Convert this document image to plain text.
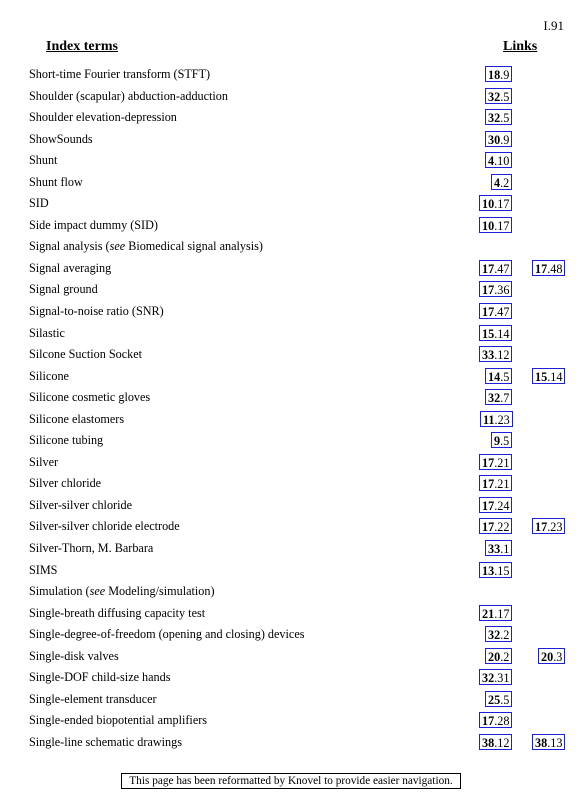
I.91
Index terms	Links
Short-time Fourier transform (STFT)	18.9
Shoulder (scapular) abduction-adduction	32.5
Shoulder elevation-depression	32.5
ShowSounds	30.9
Shunt	4.10
Shunt flow	4.2
SID	10.17
Side impact dummy (SID)	10.17
Signal analysis (see Biomedical signal analysis)
Signal averaging	17.47 17.48
Signal ground	17.36
Signal-to-noise ratio (SNR)	17.47
Silastic	15.14
Silcone Suction Socket	33.12
Silicone	14.5 15.14
Silicone cosmetic gloves	32.7
Silicone elastomers	11.23
Silicone tubing	9.5
Silver	17.21
Silver chloride	17.21
Silver-silver chloride	17.24
Silver-silver chloride electrode	17.22 17.23
Silver-Thorn, M. Barbara	33.1
SIMS	13.15
Simulation (see Modeling/simulation)
Single-breath diffusing capacity test	21.17
Single-degree-of-freedom (opening and closing) devices	32.2
Single-disk valves	20.2	20.3
Single-DOF child-size hands	32.31
Single-element transducer	25.5
Single-ended biopotential amplifiers	17.28
Single-line schematic drawings	38.12 38.13
This page has been reformatted by Knovel to provide easier navigation.
